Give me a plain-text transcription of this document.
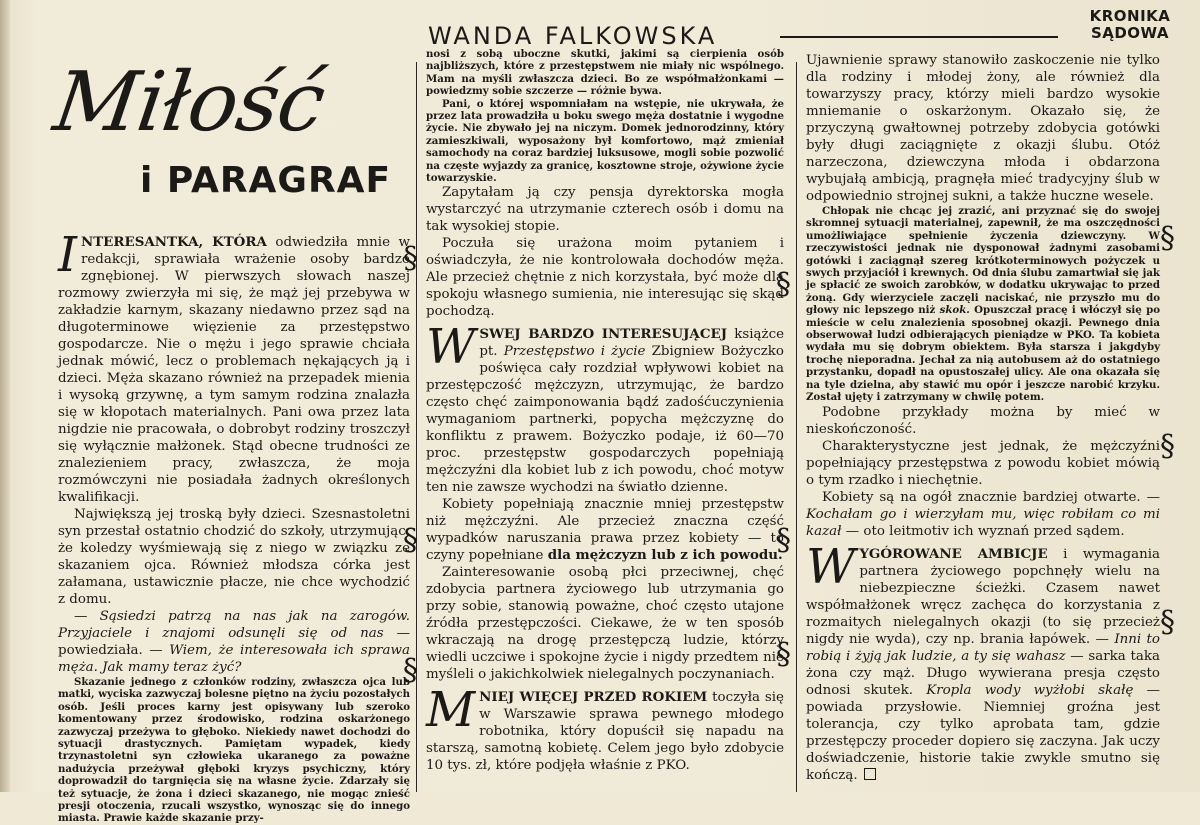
WANDA FALKOWSKA
KRONIKA
SĄDOWA
Miłość
i PARAGRAF

INTERESANTKA, KTÓRA odwiedziła mnie w redakcji, sprawiała wrażenie osoby bardzo zgnębionej. W pierwszych słowach naszej rozmowy zwierzyła mi się, że mąż jej przebywa w zakładzie karnym, skazany niedawno przez sąd na długoterminowe więzienie za przestępstwo gospodarcze. Nie o mężu i jego sprawie chciała jednak mówić, lecz o problemach nękających ją i dzieci. Męża skazano również na przepadek mienia i wysoką grzywnę, a tym samym rodzina znalazła się w kłopotach materialnych. Pani owa przez lata nigdzie nie pracowała, o dobrobyt rodziny troszczył się wyłącznie małżonek. Stąd obecne trudności ze znalezieniem pracy, zwłaszcza, że moja rozmówczyni nie posiadała żadnych określonych kwalifikacji.

Największą jej troską były dzieci. Szesnastoletni syn przestał ostatnio chodzić do szkoły, utrzymując, że koledzy wyśmiewają się z niego w związku ze skazaniem ojca. Również młodsza córka jest załamana, ustawicznie płacze, nie chce wychodzić z domu.

— Sąsiedzi patrzą na nas jak na zarogów. Przyjaciele i znajomi odsunęli się od nas — powiedziała. — Wiem, że interesowała ich sprawa męża. Jak mamy teraz żyć?

Skazanie jednego z członków rodziny, zwłaszcza ojca lub matki, wyciska zazwyczaj bolesne piętno na życiu pozostałych osób. Jeśli proces karny jest opisywany lub szeroko komentowany przez środowisko, rodzina oskarżonego zazwyczaj przeżywa to głęboko. Niekiedy nawet dochodzi do sytuacji drastycznych. Pamiętam wypadek, kiedy trzynastoletni syn człowieka ukaranego za poważne nadużycia przeżywał głęboki kryzys psychiczny, który doprowadził do targnięcia się na własne życie. Zdarzały się też sytuacje, że żona i dzieci skazanego, nie mogąc znieść presji otoczenia, rzucali wszystko, wynosząc się do innego miasta. Prawie każde skazanie przy-

nosi z sobą uboczne skutki, jakimi są cierpienia osób najbliższych, które z przestępstwem nie miały nic wspólnego. Mam na myśli zwłaszcza dzieci. Bo ze współmałżonkami — powiedzmy sobie szczerze — różnie bywa.

Pani, o której wspomniałam na wstępie, nie ukrywała, że przez lata prowadziła u boku swego męża dostatnie i wygodne życie. Nie zbywało jej na niczym. Domek jednorodzinny, który zamieszkiwali, wyposażony był komfortowo, mąż zmieniał samochody na coraz bardziej luksusowe, mogli sobie pozwolić na częste wyjazdy za granicę, kosztowne stroje, ożywione życie towarzyskie.

Zapytałam ją czy pensja dyrektorska mogła wystarczyć na utrzymanie czterech osób i domu na tak wysokiej stopie.

Poczuła się urażona moim pytaniem i oświadczyła, że nie kontrolowała dochodów męża. Ale przecież chętnie z nich korzystała, być może dla spokoju własnego sumienia, nie interesując się skąd pochodzą.

WSWEJ BARDZO INTERESUJĄCEJ książce pt. Przestępstwo i życie Zbigniew Bożyczko poświęca cały rozdział wpływowi kobiet na przestępczość mężczyzn, utrzymując, że bardzo często chęć zaimponowania bądź zadośćuczynienia wymaganiom partnerki, popycha mężczyznę do konfliktu z prawem. Bożyczko podaje, iż 60—70 proc. przestępstw gospodarczych popełniają mężczyźni dla kobiet lub z ich powodu, choć motyw ten nie zawsze wychodzi na światło dzienne.

Kobiety popełniają znacznie mniej przestępstw niż mężczyźni. Ale przecież znaczna część wypadków naruszania prawa przez kobiety — to czyny popełniane dla mężczyzn lub z ich powodu.

Zainteresowanie osobą płci przeciwnej, chęć zdobycia partnera życiowego lub utrzymania go przy sobie, stanowią poważne, choć często utajone źródła przestępczości. Ciekawe, że w ten sposób wkraczają na drogę przestępczą ludzie, którzy wiedli uczciwe i spokojne życie i nigdy przedtem nie myśleli o jakichkolwiek nielegalnych poczynaniach.

MNIEJ WIĘCEJ PRZED ROKIEM toczyła się w Warszawie sprawa pewnego młodego robotnika, który dopuścił się napadu na starszą, samotną kobietę. Celem jego było zdobycie 10 tys. zł, które podjęła właśnie z PKO.

Ujawnienie sprawy stanowiło zaskoczenie nie tylko dla rodziny i młodej żony, ale również dla towarzyszy pracy, którzy mieli bardzo wysokie mniemanie o oskarżonym. Okazało się, że przyczyną gwałtownej potrzeby zdobycia gotówki były długi zaciągnięte z okazji ślubu. Otóż narzeczona, dziewczyna młoda i obdarzona wybujałą ambicją, pragnęła mieć tradycyjny ślub w odpowiednio strojnej sukni, a także huczne wesele.

Chłopak nie chcąc jej zrazić, ani przyznać się do swojej skromnej sytuacji materialnej, zapewnił, że ma oszczędności umożliwiające spełnienie życzenia dziewczyny. W rzeczywistości jednak nie dysponował żadnymi zasobami gotówki i zaciągnął szereg krótkoterminowych pożyczek u swych przyjaciół i krewnych. Od dnia ślubu zamartwiał się jak je spłacić ze swoich zarobków, w dodatku ukrywając to przed żoną. Gdy wierzyciele zaczęli naciskać, nie przyszło mu do głowy nic lepszego niż skok. Opuszczał pracę i włóczył się po mieście w celu znalezienia sposobnej okazji. Pewnego dnia obserwował ludzi odbierających pieniądze w PKO. Ta kobieta wydała mu się dobrym obiektem. Była starsza i jakgdyby trochę nieporadna. Jechał za nią autobusem aż do ostatniego przystanku, dopadł na opustoszałej ulicy. Ale ona okazała się na tyle dzielna, aby stawić mu opór i jeszcze narobić krzyku. Został ujęty i zatrzymany w chwilę potem.

Podobne przykłady można by mieć w nieskończoność.

Charakterystyczne jest jednak, że mężczyźni popełniający przestępstwa z powodu kobiet mówią o tym rzadko i niechętnie.

Kobiety są na ogół znacznie bardziej otwarte. — Kochałam go i wierzyłam mu, więc robiłam co mi kazał — oto leitmotiv ich wyznań przed sądem.

WYGÓROWANE AMBICJE i wymagania partnera życiowego popchnęły wielu na niebezpieczne ścieżki. Czasem nawet współmałżonek wręcz zachęca do korzystania z rozmaitych nielegalnych okazji (to się przecież nigdy nie wyda), czy np. brania łapówek. — Inni to robią i żyją jak ludzie, a ty się wahasz — sarka taka żona czy mąż. Długo wywierana presja często odnosi skutek. Kropla wody wyżłobi skałę — powiada przysłowie. Niemniej groźna jest tolerancja, czy tylko aprobata tam, gdzie przestępczy proceder dopiero się zaczyna. Jak uczy doświadczenie, historie takie zwykle smutno się kończą.

§
§
§
§
§
§
§
§
§
